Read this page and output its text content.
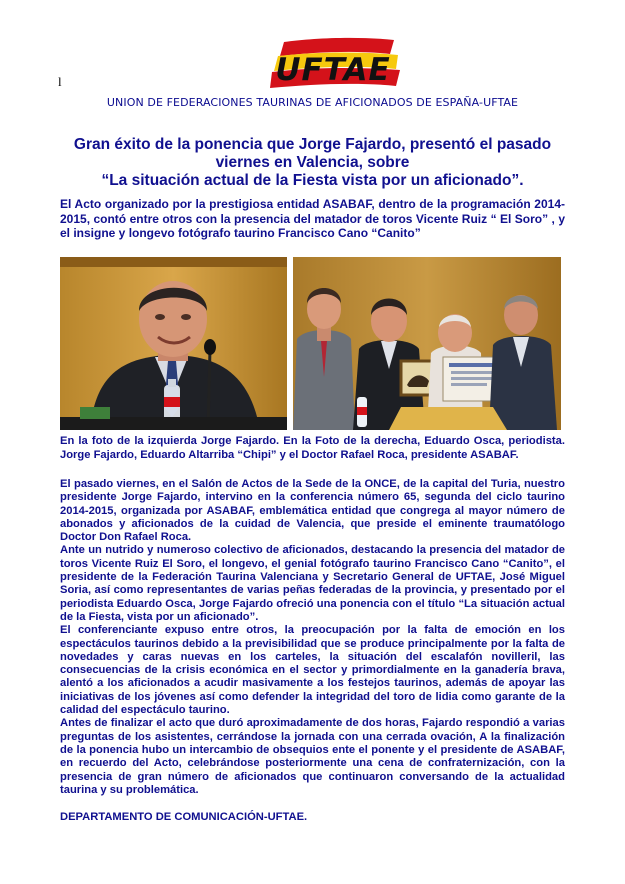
l	UFTAE
UNION DE FEDERACIONES TAURINAS DE AFICIONADOS DE ESPAÑA-UFTAE
Gran éxito de la ponencia que Jorge Fajardo, presentó el pasado
viernes en Valencia, sobre
“La situación actual de la Fiesta vista por un aficionado”.
El Acto organizado por la prestigiosa entidad ASABAF, dentro de la programación 2014-2015, contó entre otros con la presencia del matador de toros Vicente Ruiz “ El Soro” , y el insigne y longevo fotógrafo taurino Francisco Cano “Canito”
En la foto de la izquierda Jorge Fajardo. En la Foto de la derecha, Eduardo Osca, periodista. Jorge Fajardo, Eduardo Altarriba “Chipi” y el Doctor Rafael Roca, presidente ASABAF.

El pasado viernes, en el Salón de Actos de la Sede de la ONCE, de la capital del Turia, nuestro presidente Jorge Fajardo, intervino en la conferencia número 65, segunda del ciclo taurino 2014-2015, organizada por ASABAF, emblemática entidad que congrega al mayor número de abonados y aficionados de la cuidad de Valencia, que preside el eminente traumatólogo Doctor Don Rafael Roca.

Ante un nutrido y numeroso colectivo de aficionados, destacando la presencia del matador de toros Vicente Ruiz El Soro, el longevo, el genial fotógrafo taurino Francisco Cano “Canito”, el presidente de la Federación Taurina Valenciana y Secretario General de UFTAE, José Miguel Soria, así como representantes de varias peñas federadas de la provincia, y presentado por el periodista Eduardo Osca, Jorge Fajardo ofreció una ponencia con el título “La situación actual de la Fiesta, vista por un aficionado”.

El conferenciante expuso entre otros, la preocupación por la falta de emoción en los espectáculos taurinos debido a la previsibilidad que se produce principalmente por la falta de novedades y caras nuevas en los carteles, la situación del escalafón novilleril, las consecuencias de la crisis económica en el sector y primordialmente en la ganadería brava, alentó a los aficionados a acudir masivamente a los festejos taurinos, además de apoyar las iniciativas de los jóvenes así como defender la integridad del toro de lidia como garante de la calidad del espectáculo taurino.

Antes de finalizar el acto que duró aproximadamente de dos horas, Fajardo respondió a varias preguntas de los asistentes, cerrándose la jornada con una cerrada ovación, A la finalización de la ponencia hubo un intercambio de obsequios ente el ponente y el presidente de ASABAF, en recuerdo del Acto, celebrándose posteriormente una cena de confraternización, con la presencia de gran número de aficionados que continuaron conversando de la actualidad taurina y su problemática.

DEPARTAMENTO DE COMUNICACIÓN-UFTAE.
